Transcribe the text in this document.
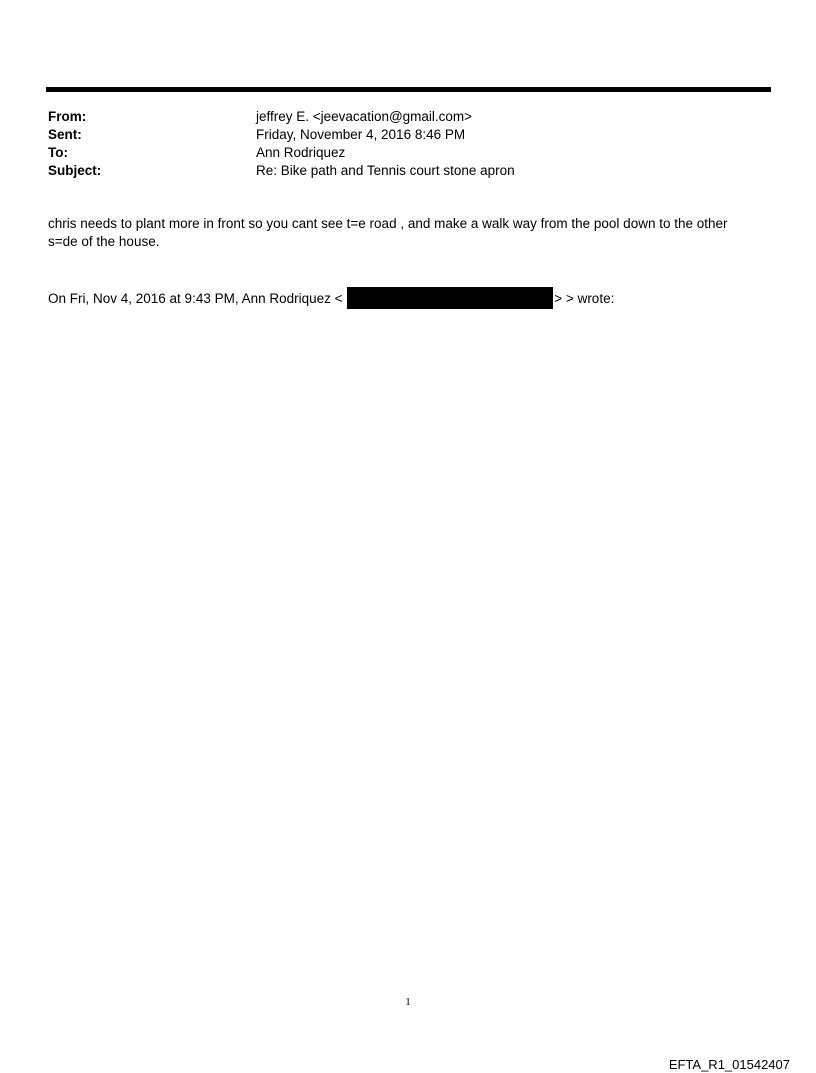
From:	jeffrey E. <jeevacation@gmail.com>
Sent:	Friday, November 4, 2016 8:46 PM
To:	Ann Rodriquez
Subject:	Re: Bike path and Tennis court stone apron

chris needs to plant more in front so you cant see t=e road , and make a walk way from the pool down to the other

s=de of the house.

On Fri, Nov 4, 2016 at 9:43 PM, Ann Rodriquez <	> > wrote:
1
EFTA_R1_01542407
